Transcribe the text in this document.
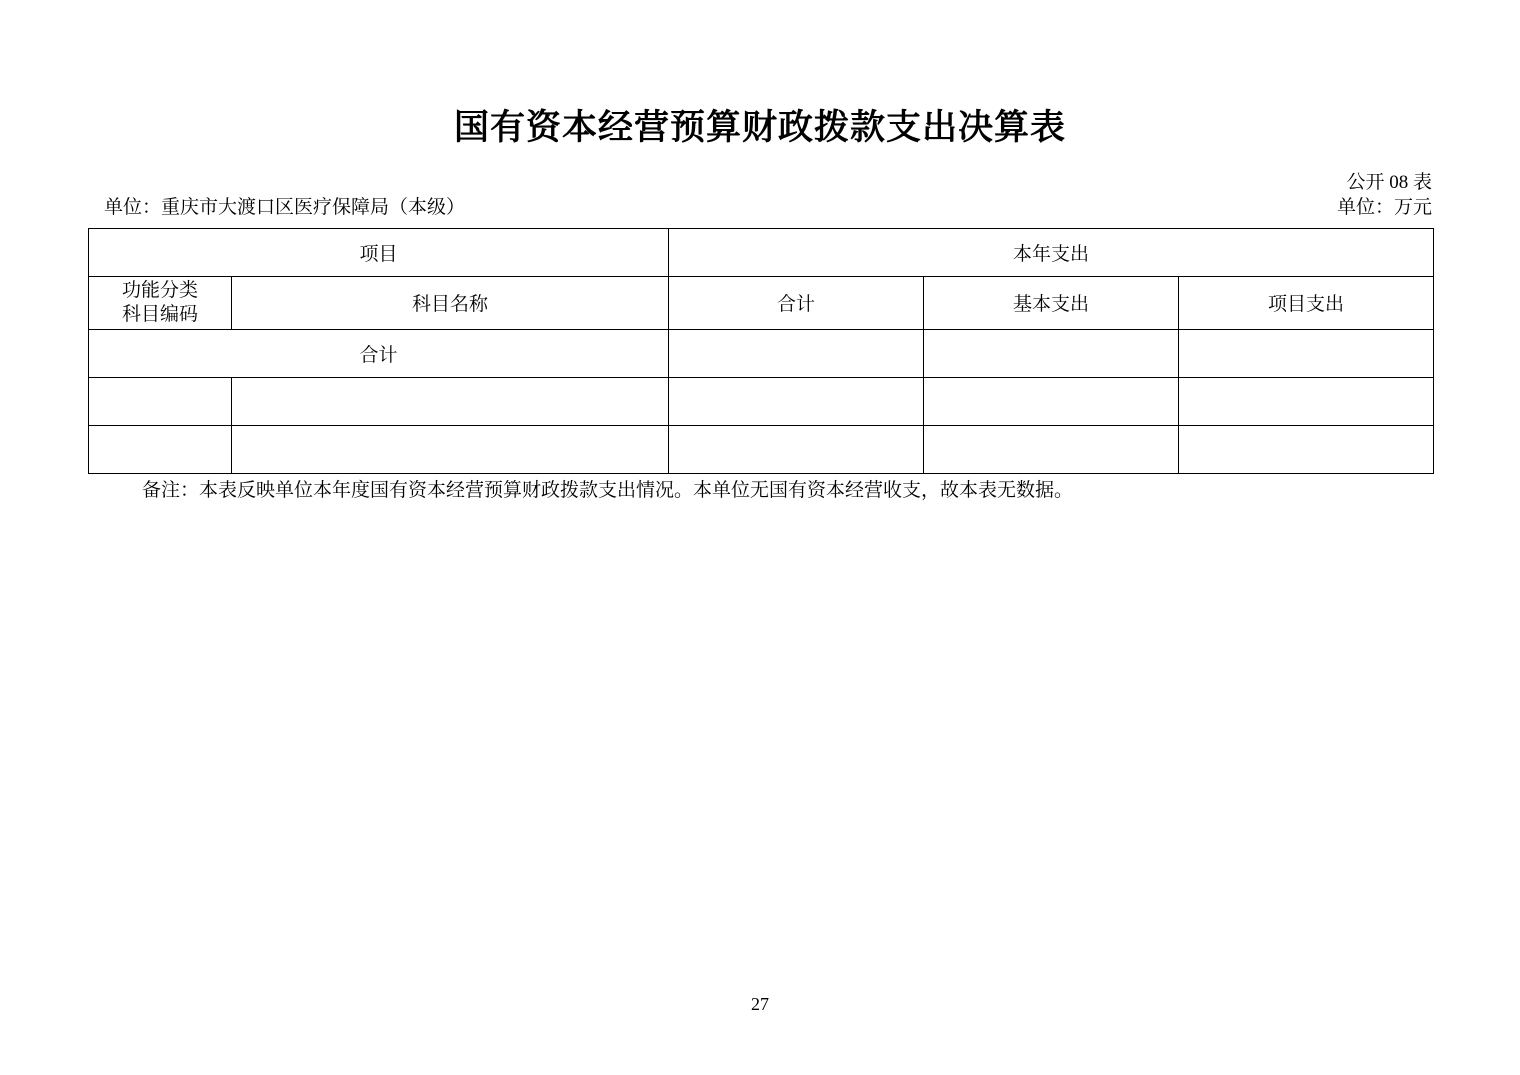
国有资本经营预算财政拨款支出决算表
公开 08 表
单位：重庆市大渡口区医疗保障局（本级）	单位：万元
项目		本年支出		

功能分类
科目编码	科目名称	合计	基本支出	项目支出
合计				

备注：本表反映单位本年度国有资本经营预算财政拨款支出情况。本单位无国有资本经营收支，故本表无数据。
27
